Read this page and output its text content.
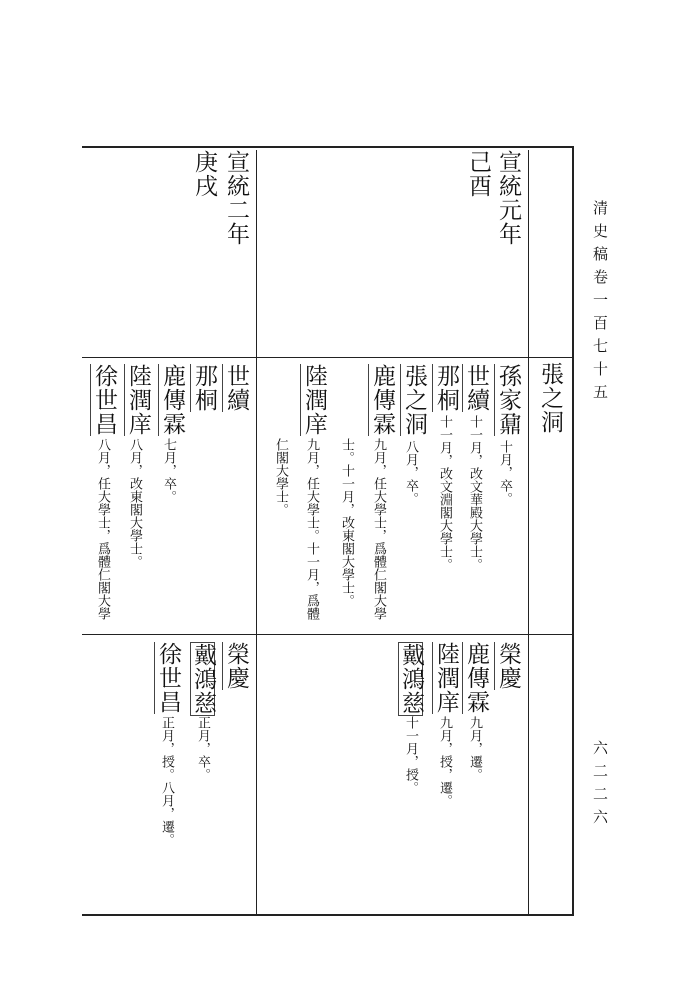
清史稿卷一百七十五
六二二六
宣統元年
己酉
宣統二年
庚戌
張之洞
孫家鼐
十月，卒。
世續
十一月，改文華殿大學士。
那桐
十一月，改文淵閣大學士。
張之洞
八月，卒。
鹿傳霖
九月，任大學士，爲體仁閣大學
士。十一月，改東閣大學士。
陸潤庠
九月，任大學士。十一月，爲體
仁閣大學士。
世續
那桐
鹿傳霖
七月，卒。
陸潤庠
八月，改東閣大學士。
徐世昌
八月，任大學士，爲體仁閣大學
榮慶
鹿傳霖
九月，遷。
陸潤庠
九月，授，遷。
戴鴻慈
十一月，授。
榮慶
戴鴻慈
正月，卒。
徐世昌
正月，授。八月，遷。
